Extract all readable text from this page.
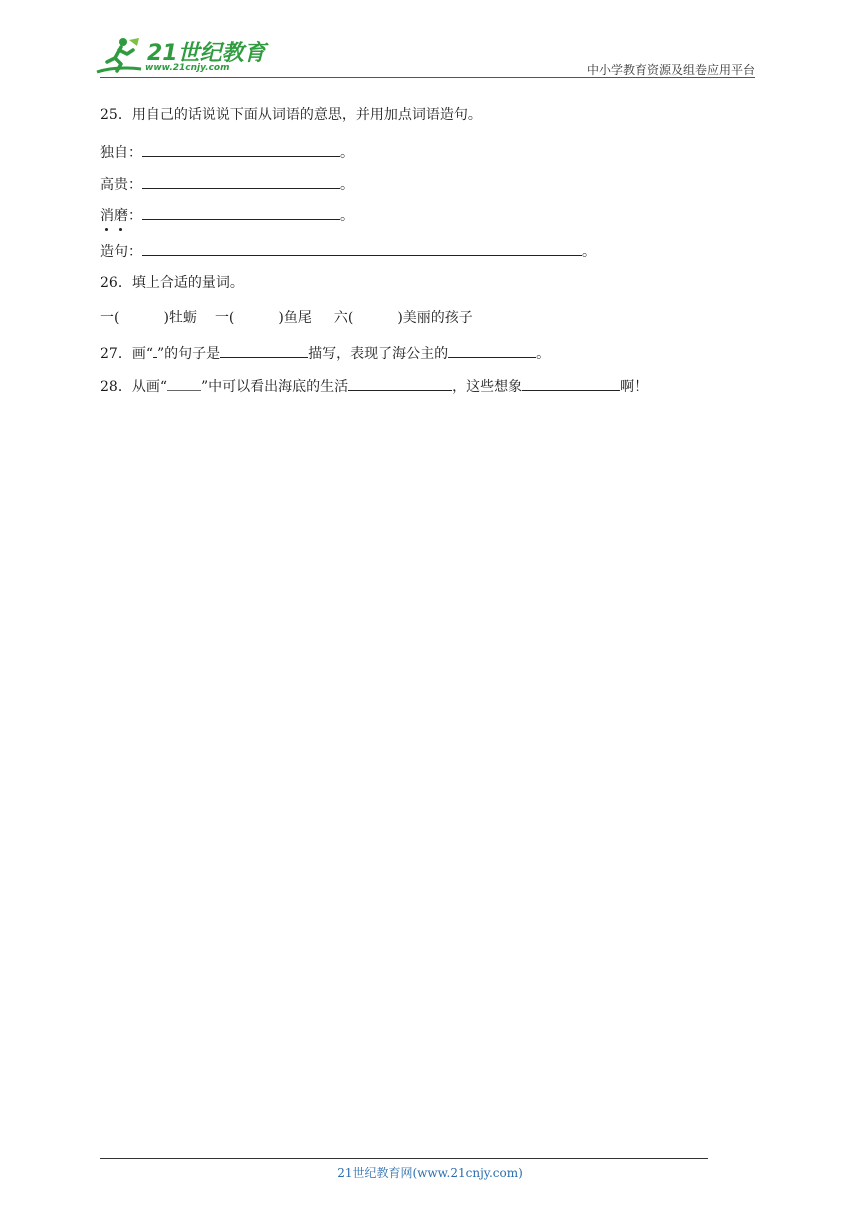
21世纪教育
www.21cnjy.com	中小学教育资源及组卷应用平台
25．用自己的话说说下面从词语的意思，并用加点词语造句。
独自：	。
高贵：	。
消磨：	。
造句：	。
26．填上合适的量词。
一(	)牡蛎 一(	)鱼尾 六(	)美丽的孩子
27．画“ ”的句子是	描写，表现了海公主的	。
28．从画“ ”中可以看出海底的生活	，这些想象	啊！
21世纪教育网(www.21cnjy.com)
